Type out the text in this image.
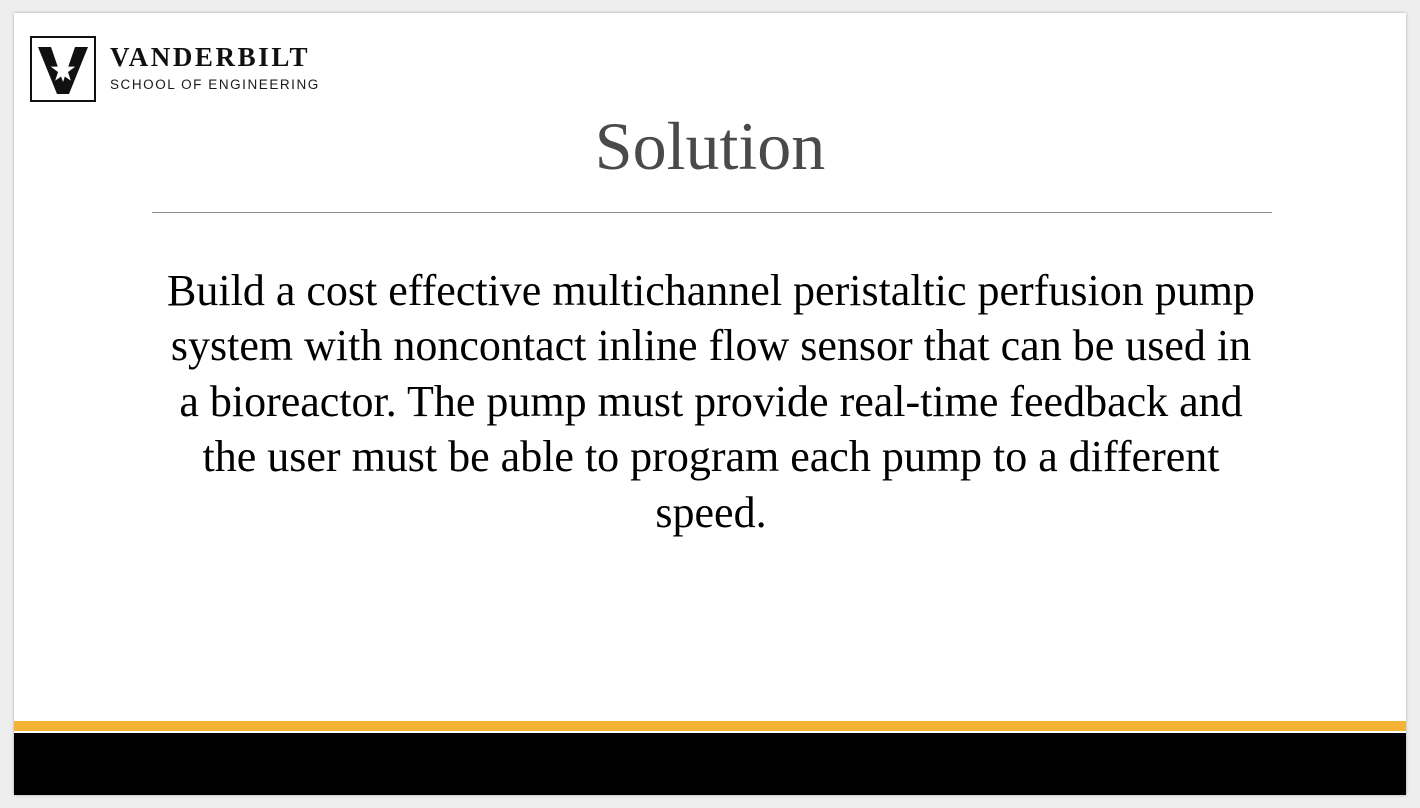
VANDERBILT
SCHOOL OF ENGINEERING
Solution
Build a cost effective multichannel peristaltic perfusion pump system with noncontact inline flow sensor that can be used in a bioreactor. The pump must provide real-time feedback and the user must be able to program each pump to a different speed.
